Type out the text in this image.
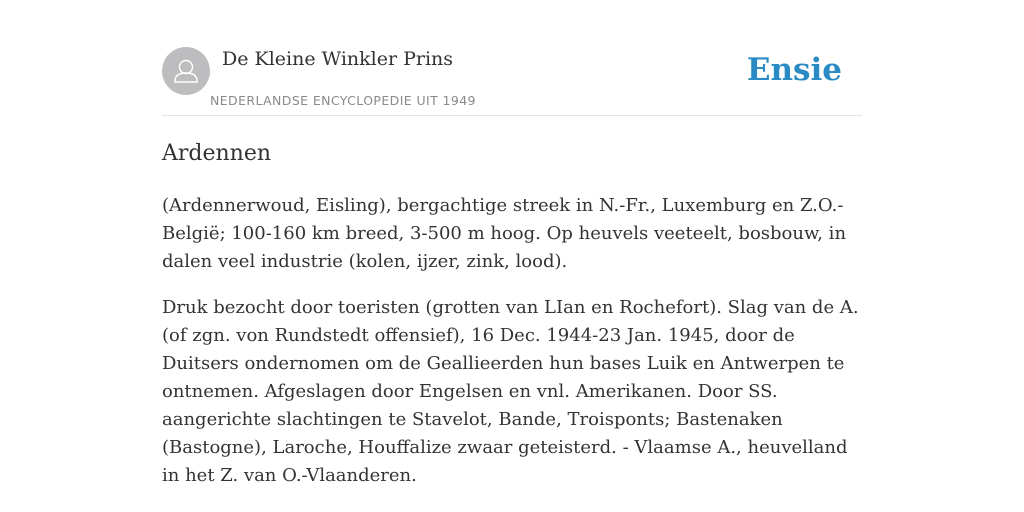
De Kleine Winkler Prins
NEDERLANDSE ENCYCLOPEDIE UIT 1949
Ensie
Ardennen

(Ardennerwoud, Eisling), bergachtige streek in N.-Fr., Luxemburg en Z.O.-België; 100-160 km breed, 3-500 m hoog. Op heuvels veeteelt, bosbouw, in dalen veel industrie (kolen, ijzer, zink, lood).

Druk bezocht door toeristen (grotten van LIan en Rochefort). Slag van de A. (of zgn. von Rundstedt offensief), 16 Dec. 1944-23 Jan. 1945, door de Duitsers ondernomen om de Geallieerden hun bases Luik en Antwerpen te ontnemen. Afgeslagen door Engelsen en vnl. Amerikanen. Door SS. aangerichte slachtingen te Stavelot, Bande, Troisponts; Bastenaken (Bastogne), Laroche, Houffalize zwaar geteisterd. - Vlaamse A., heuvelland in het Z. van O.-Vlaanderen.
